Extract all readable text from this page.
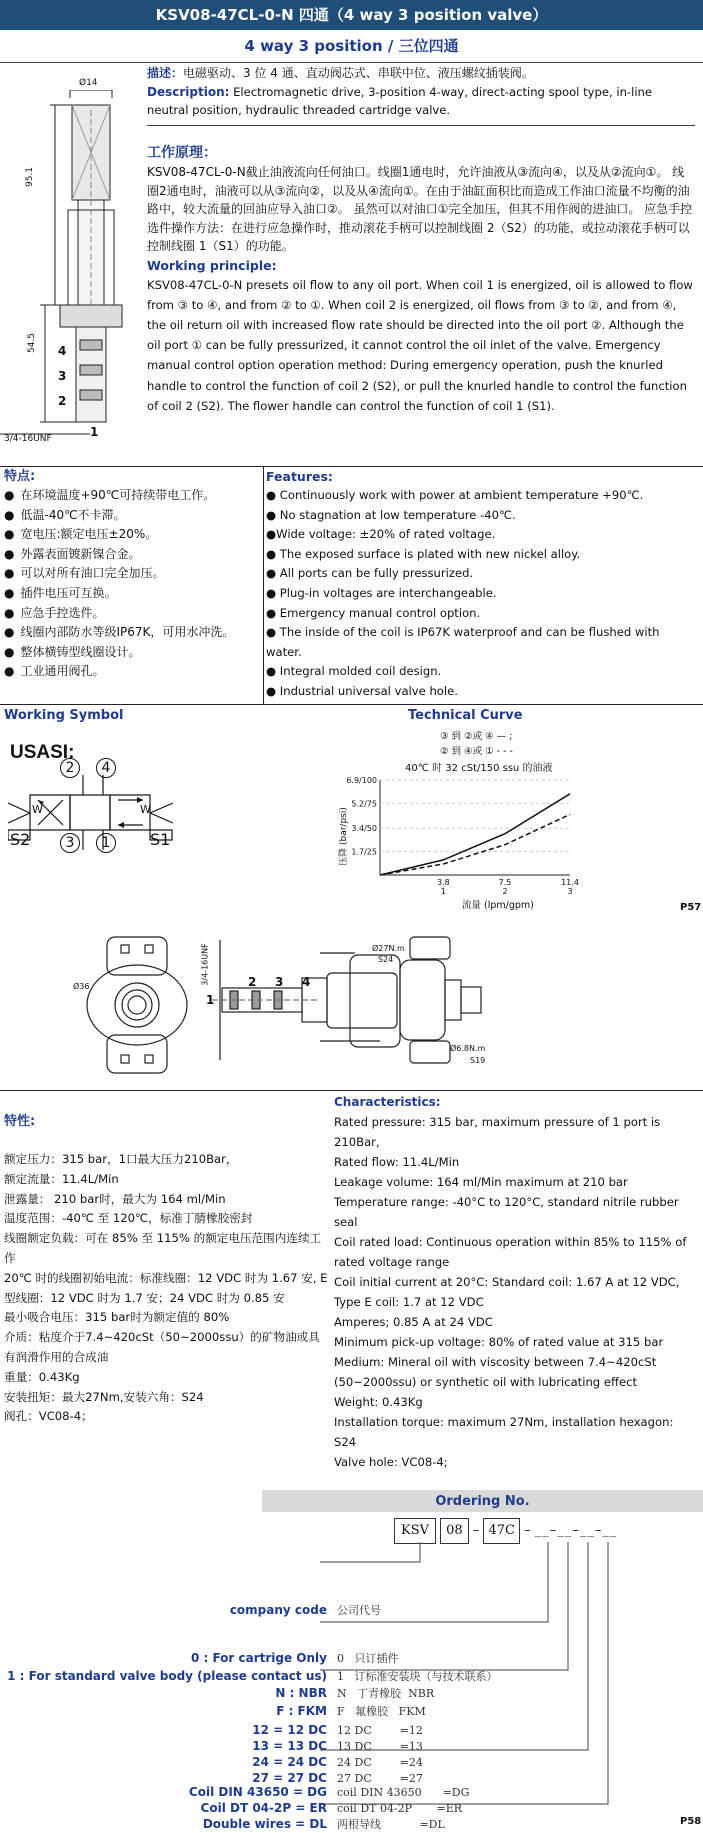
KSV08-47CL-0-N 四通（4 way 3 position valve）
4 way 3 position / 三位四通
Ø14
95.1
54.5 4
3
2
1
3/4-16UNF
描述：电磁驱动、3 位 4 通、直动阀芯式、串联中位、液压螺纹插装阀。
Description: Electromagnetic drive, 3-position 4-way, direct-acting spool type, in-line neutral position, hydraulic threaded cartridge valve.
工作原理：
KSV08-47CL-0-N截止油液流向任何油口。线圈1通电时，允许油液从③流向④，以及从②流向①。 线圈2通电时，油液可以从③流向②，以及从④流向①。在由于油缸面积比而造成工作油口流量不均衡的油路中，较大流量的回油应导入油口②。 虽然可以对油口①完全加压，但其不用作阀的进油口。 应急手控选件操作方法：在进行应急操作时，推动滚花手柄可以控制线圈 2（S2）的功能，或拉动滚花手柄可以控制线圈 1（S1）的功能。
Working principle:
KSV08-47CL-0-N presets oil flow to any oil port. When coil 1 is energized, oil is allowed to flow from ③ to ④, and from ② to ①. When coil 2 is energized, oil flows from ③ to ②, and from ④, the oil return oil with increased flow rate should be directed into the oil port ②. Although the oil port ① can be fully pressurized, it cannot control the oil inlet of the valve. Emergency manual control option operation method: During emergency operation, push the knurled handle to control the function of coil 2 (S2), or pull the knurled handle to control the function of coil 2 (S2). The flower handle can control the function of coil 1 (S1).
特点:
● 在环境温度+90℃可持续带电工作。
● 低温-40℃不卡滞。
● 宽电压:额定电压±20%。
● 外露表面镀新镍合金。
● 可以对所有油口完全加压。
● 插件电压可互换。
● 应急手控选件。
● 线圈内部防水等级IP67K，可用水冲洗。
● 整体横铸型线圈设计。
● 工业通用阀孔。
Features:
● Continuously work with power at ambient temperature +90℃.
● No stagnation at low temperature -40℃.
●Wide voltage: ±20% of rated voltage.
● The exposed surface is plated with new nickel alloy.
● All ports can be fully pressurized.
● Plug-in voltages are interchangeable.
● Emergency manual control option.
● The inside of the coil is IP67K waterproof and can be flushed with water.
● Integral molded coil design.
● Industrial universal valve hole.
Working Symbol
USASI:
2	4
3	1
S2	S1
W	W
Technical Curve
③ 到 ②或 ④ — ;
② 到 ④或 ① - - -
40℃ 时 32 cSt/150 ssu 的油液
压降 (bar/psi)
流量 (lpm/gpm)
6.9/100
5.2/75
3.4/50
1.7/25
3.8
1
7.5
2
11.4
3
P57
Ø36
3/4-16UNF
1
2 3 4
Ø27N.m
S24
Ø6.8N.m
S19
特性:
额定压力：315 bar，1口最大压力210Bar，
额定流量：11.4L/Min
泄露量： 210 bar时，最大为 164 ml/Min
温度范围：-40℃ 至 120℃，标准丁腈橡胶密封
线圈额定负载：可在 85% 至 115% 的额定电压范围内连续工作
20℃ 时的线圈初始电流：标准线圈：12 VDC 时为 1.67 安, E 型线圈：12 VDC 时为 1.7 安；24 VDC 时为 0.85 安
最小吸合电压：315 bar时为额定值的 80%
介质：粘度介于7.4~420cSt（50~2000ssu）的矿物油或具有润滑作用的合成油
重量：0.43Kg
安装扭矩：最大27Nm,安装六角：S24
阀孔：VC08-4；
Characteristics:
Rated pressure: 315 bar, maximum pressure of 1 port is 210Bar,
Rated flow: 11.4L/Min
Leakage volume: 164 ml/Min maximum at 210 bar
Temperature range: -40°C to 120°C, standard nitrile rubber seal
Coil rated load: Continuous operation within 85% to 115% of rated voltage range
Coil initial current at 20°C: Standard coil: 1.67 A at 12 VDC, Type E coil: 1.7 at 12 VDC
Amperes; 0.85 A at 24 VDC
Minimum pick-up voltage: 80% of rated value at 315 bar
Medium: Mineral oil with viscosity between 7.4~420cSt (50~2000ssu) or synthetic oil with lubricating effect
Weight: 0.43Kg
Installation torque: maximum 27Nm, installation hexagon: S24
Valve hole: VC08-4;
Ordering No.
KSV 08 – 47C – __–__–__–__
company code 公司代号
0 : For cartrige Only 0   只订插件
1 : For standard valve body (please contact us) 1   订标准安装块（与技术联系）
N : NBR N   丁青橡胶  NBR
F : FKM F   氟橡胶   FKM
12 = 12 DC 12 DC        =12
13 = 13 DC 13 DC        =13
24 = 24 DC 24 DC        =24
27 = 27 DC 27 DC        =27
Coil DIN 43650 = DG coil DIN 43650      =DG
Coil DT 04-2P = ER coil DT 04-2P       =ER
Double wires = DL 两根导线           =DL	P58
